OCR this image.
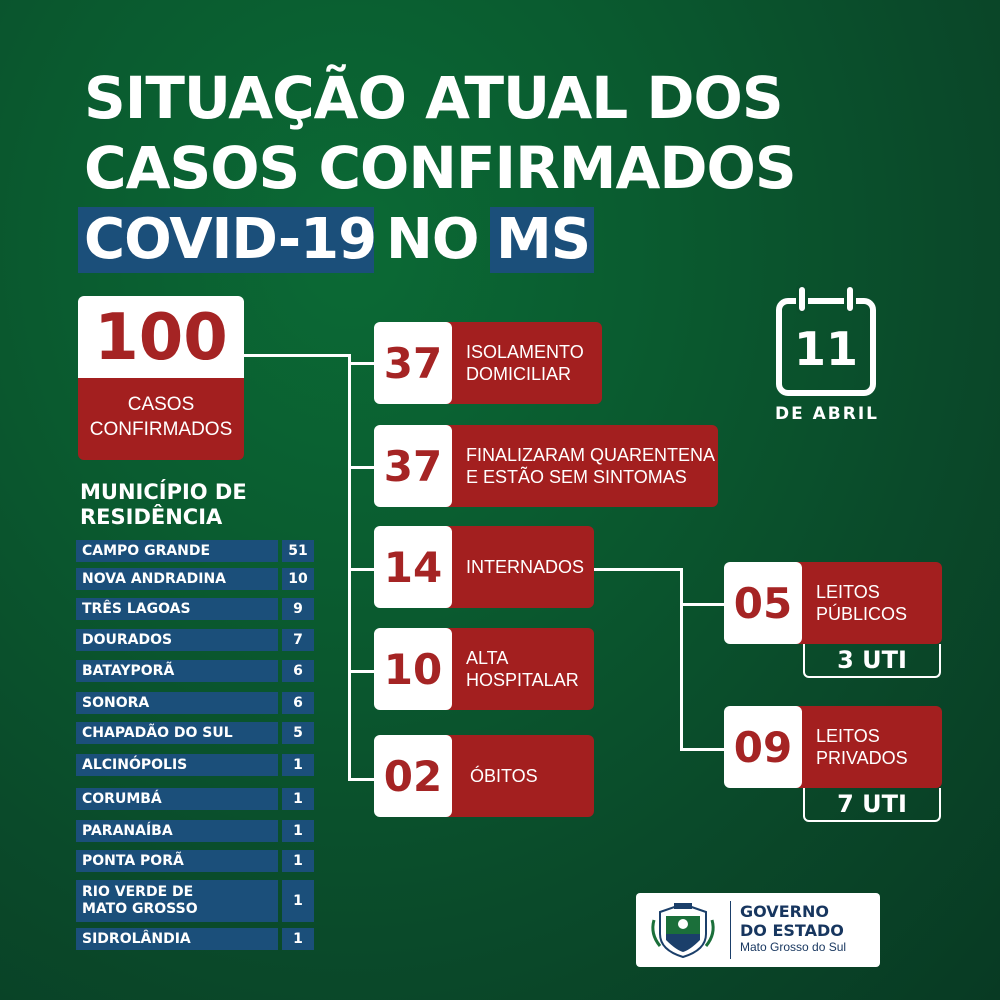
SITUAÇÃO ATUAL DOS
CASOS CONFIRMADOS
COVID-19 NO MS
100
CASOS
CONFIRMADOS
37	ISOLAMENTO
DOMICILIAR
37	FINALIZARAM QUARENTENA
E ESTÃO SEM SINTOMAS
14	INTERNADOS
10	ALTA
HOSPITALAR
02	ÓBITOS
05	LEITOS
PÚBLICOS
3 UTI
09	LEITOS
PRIVADOS
7 UTI
11
DE ABRIL
MUNICÍPIO DE
RESIDÊNCIA
CAMPO GRANDE	51
NOVA ANDRADINA	10
TRÊS LAGOAS	9
DOURADOS	7
BATAYPORÃ	6
SONORA	6
CHAPADÃO DO SUL	5
ALCINÓPOLIS	1
CORUMBÁ	1
PARANAÍBA	1
PONTA PORÃ	1
RIO VERDE DE MATO GROSSO	1
SIDROLÂNDIA	1
GOVERNO
DO ESTADO
Mato Grosso do Sul
